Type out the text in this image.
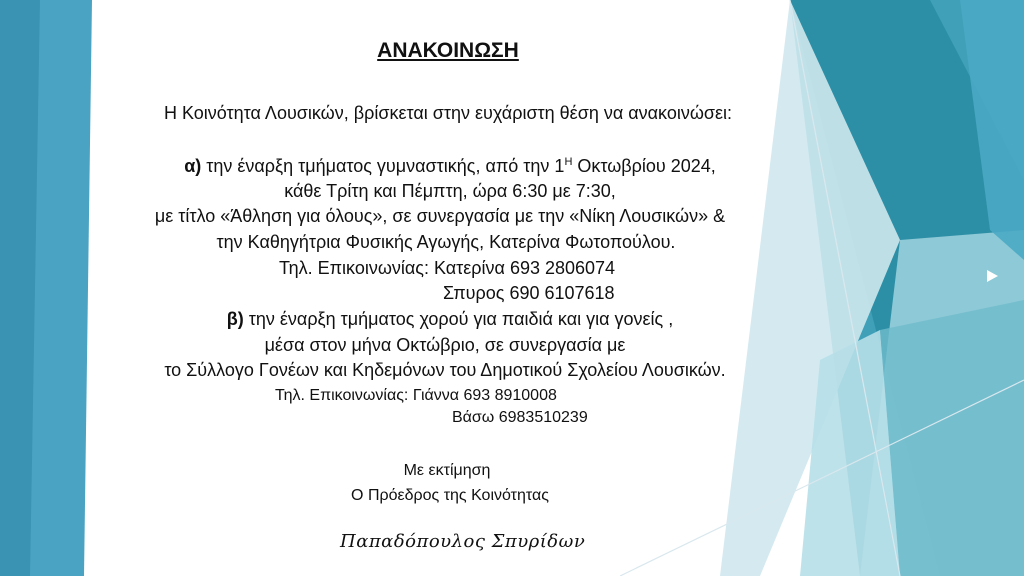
ΑΝΑΚΟΙΝΩΣΗ
Η Κοινότητα Λουσικών, βρίσκεται στην ευχάριστη θέση να ανακοινώσει:
α) την έναρξη τμήματος γυμναστικής, από την $1^H$ Οκτωβρίου 2024,
κάθε Τρίτη και Πέμπτη, ώρα 6:30 με 7:30,
με τίτλο «Άθληση για όλους», σε συνεργασία με την «Νίκη Λουσικών» &
την Καθηγήτρια Φυσικής Αγωγής, Κατερίνα Φωτοπούλου.
Τηλ. Επικοινωνίας: Κατερίνα 693 2806074
Σπυρος 690 6107618
β) την έναρξη τμήματος χορού για παιδιά και για γονείς ,
μέσα στον μήνα Οκτώβριο, σε συνεργασία με
το Σύλλογο Γονέων και Κηδεμόνων του Δημοτικού Σχολείου Λουσικών.
Τηλ. Επικοινωνίας: Γιάννα 693 8910008
Βάσω 6983510239
Με εκτίμηση
Ο Πρόεδρος της Κοινότητας
Παπαδόπουλος Σπυρίδων
